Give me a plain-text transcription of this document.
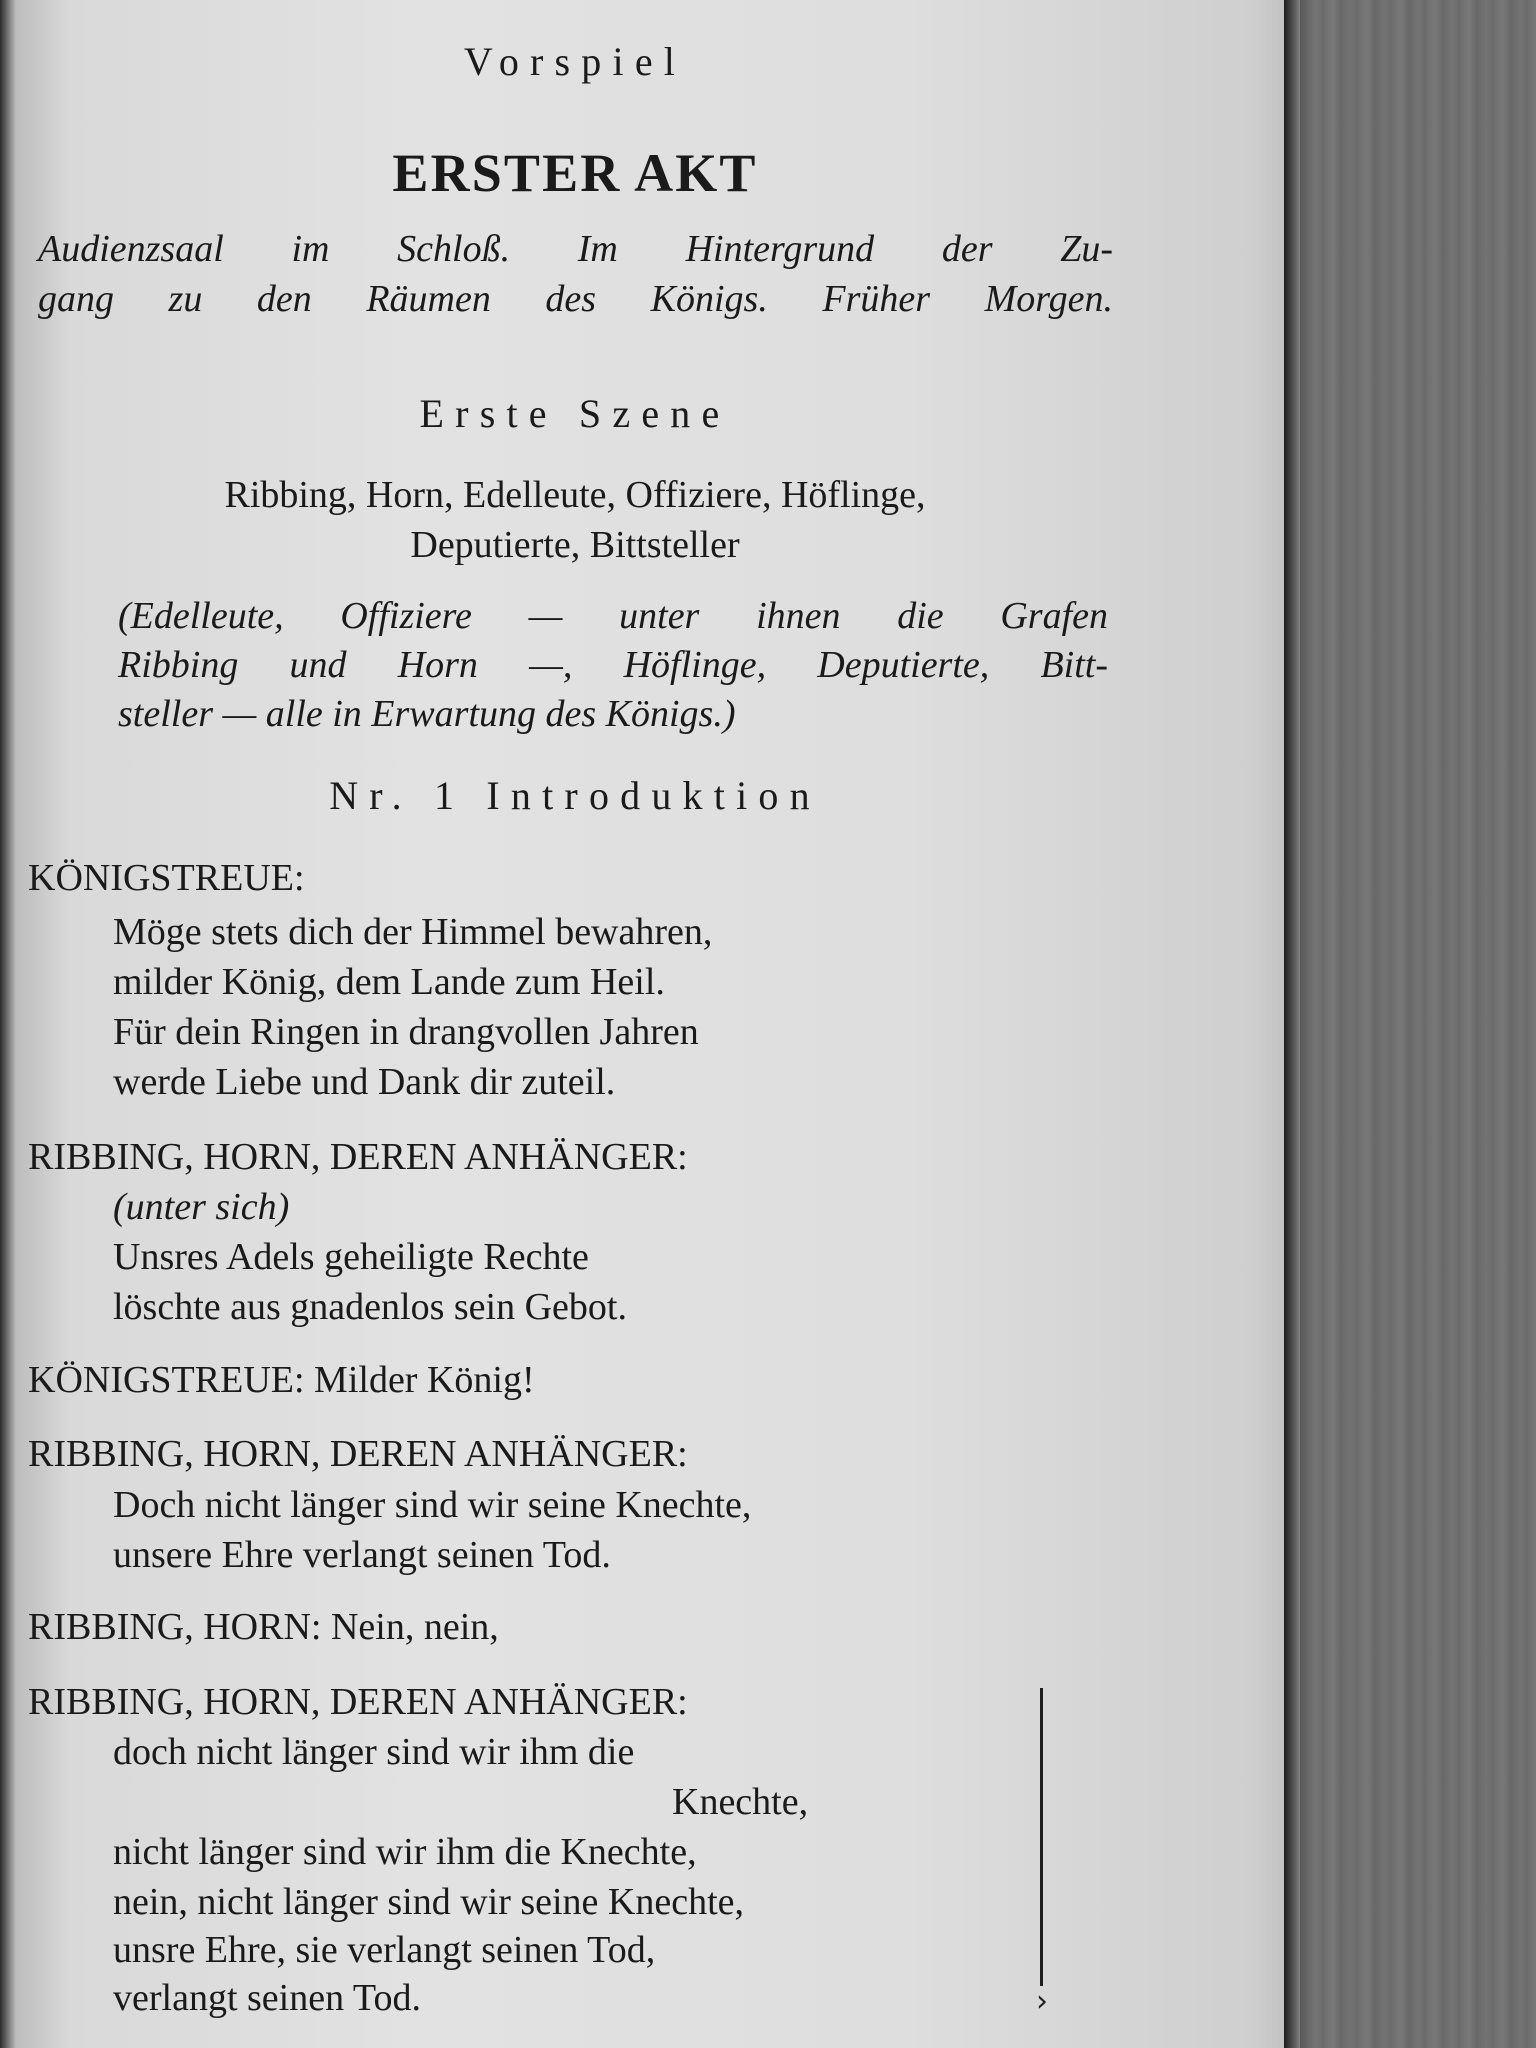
Vorspiel
ERSTER AKT
Audienzsaal im Schloß. Im Hintergrund der Zu-
gang zu den Räumen des Königs. Früher Morgen.
Erste Szene
Ribbing, Horn, Edelleute, Offiziere, Höflinge,
Deputierte, Bittsteller
(Edelleute, Offiziere — unter ihnen die Grafen
Ribbing und Horn —, Höflinge, Deputierte, Bitt-
steller — alle in Erwartung des Königs.)
Nr. 1 Introduktion
KÖNIGSTREUE:
Möge stets dich der Himmel bewahren,
milder König, dem Lande zum Heil.
Für dein Ringen in drangvollen Jahren
werde Liebe und Dank dir zuteil.
RIBBING, HORN, DEREN ANHÄNGER:
(unter sich)
Unsres Adels geheiligte Rechte
löschte aus gnadenlos sein Gebot.
KÖNIGSTREUE: Milder König!
RIBBING, HORN, DEREN ANHÄNGER:
Doch nicht länger sind wir seine Knechte,
unsere Ehre verlangt seinen Tod.
RIBBING, HORN: Nein, nein,
RIBBING, HORN, DEREN ANHÄNGER:
doch nicht länger sind wir ihm die
Knechte,
nicht länger sind wir ihm die Knechte,
nein, nicht länger sind wir seine Knechte,
unsre Ehre, sie verlangt seinen Tod,
verlangt seinen Tod.	›
